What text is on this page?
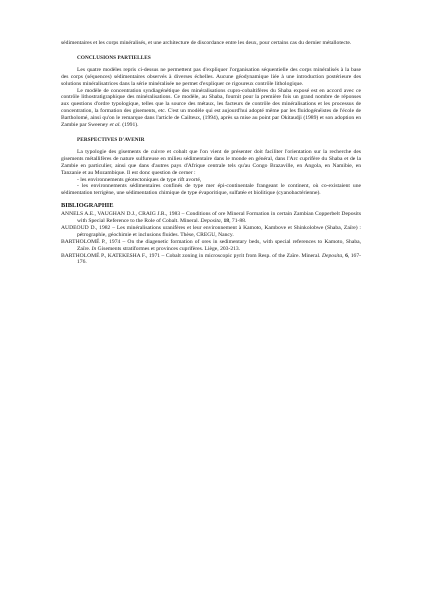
sédimentaires et les corps minéralisés, et une architecture de discordance entre les deux, pour certains cas du dernier métallotecte.

CONCLUSIONS PARTIELLES

Les quatre modèles repris ci-dessus ne permettent pas d'expliquer l'organisation séquentielle des corps minéralisés à la base des corps (séquences) sédimentaires observés à diverses échelles. Aucune géodynamique liée à une introduction postérieure des solutions minéralisatrices dans la série minéralisée ne permet d'expliquer ce rigoureux contrôle lithologique.

Le modèle de concentration syndiagénétique des minéralisations cupro-cobaltifères du Shaba exposé est en accord avec ce contrôle lithostratigraphique des minéralisations. Ce modèle, au Shaba, fournit pour la première fois un grand nombre de réponses aux questions d'ordre typologique, telles que la source des métaux, les facteurs de contrôle des minéralisations et les processus de concentration, la formation des gisements, etc. C'est un modèle qui est aujourd'hui adopté même par les fluidogénéistes de l'école de Bartholomé, ainsi qu'on le remarque dans l'article de Cailteux, (1994), après sa mise au point par Okitaudji (1989) et son adoption en Zambie par Sweeney et al. (1991).

PERSPECTIVES D'AVENIR

La typologie des gisements de cuivre et cobalt que l'on vient de présenter doit faciliter l'orientation sur la recherche des gisements métallifères de nature sulfureuse en milieu sédimentaire dans le monde en général, dans l'Arc cuprifère du Shaba et de la Zambie en particulier, ainsi que dans d'autres pays d'Afrique centrale tels qu'au Congo Brazaville, en Angola, en Namibie, en Tanzanie et au Mozambique. Il est donc question de cerner :

- les environnements géotectoniques de type rift avorté,

- les environnements sédimentaires confinés de type mer épi-continentale frangeant le continent, où co-existaient une sédimentation terrigène, une sédimentation chimique de type évaporitique, sulfatée et biolitique (cyanobactérienne).

BIBLIOGRAPHIE

ANNELS A.E., VAUGHAN D.J., CRAIG J.R., 1983 – Conditions of ore Mineral Formation in certain Zambian Copperbelt Deposits with Special Reference to the Role of Cobalt. Mineral. Deposita, 18, 71-88.

AUDEOUD D., 1982 – Les minéralisations uranifères et leur environnement à Kamoto, Kambove et Shinkolobwe (Shaba, Zaïre) : pétrographie, géochimie et inclusions fluides. Thèse, CREGU, Nancy.

BARTHOLOMÉ P., 1974 – On the diagenetic formation of ores in sedimentary beds, with special references to Kamoto, Shaba, Zaïre. In Gisements stratiformes et provinces cuprifères. Liège, 203-213.

BARTHOLOMÉ P., KATEKESHA F., 1971 – Cobalt zoning in microscopic pyrit from Resp. of the Zaïre. Mineral. Deposita, 6, 167-176.
